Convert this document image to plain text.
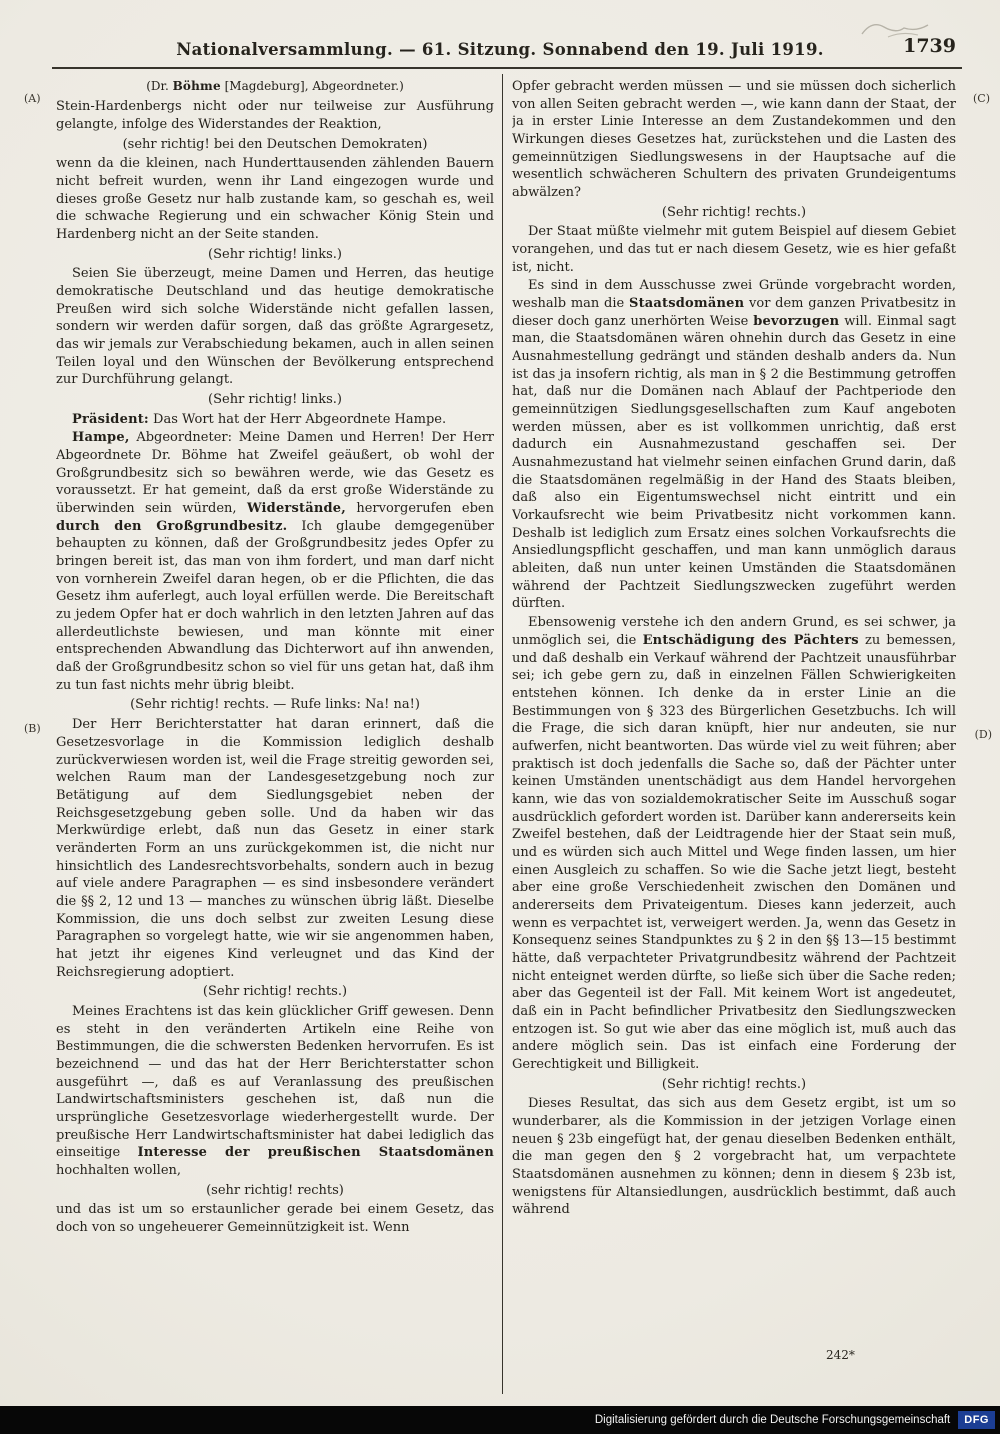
Nationalversammlung. — 61. Sitzung. Sonnabend den 19. Juli 1919.	1739
(A)
(B)
(C)
(D)

(Dr. Böhme [Magdeburg], Abgeordneter.)

Stein-Hardenbergs nicht oder nur teilweise zur Ausführung gelangte, infolge des Widerstandes der Reaktion,

(sehr richtig! bei den Deutschen Demokraten)

wenn da die kleinen, nach Hunderttausenden zählenden Bauern nicht befreit wurden, wenn ihr Land eingezogen wurde und dieses große Gesetz nur halb zustande kam, so geschah es, weil die schwache Regierung und ein schwacher König Stein und Hardenberg nicht an der Seite standen.

(Sehr richtig! links.)

Seien Sie überzeugt, meine Damen und Herren, das heutige demokratische Deutschland und das heutige demokratische Preußen wird sich solche Widerstände nicht gefallen lassen, sondern wir werden dafür sorgen, daß das größte Agrargesetz, das wir jemals zur Verabschiedung bekamen, auch in allen seinen Teilen loyal und den Wünschen der Bevölkerung entsprechend zur Durchführung gelangt.

(Sehr richtig! links.)

Präsident: Das Wort hat der Herr Abgeordnete Hampe.

Hampe, Abgeordneter: Meine Damen und Herren! Der Herr Abgeordnete Dr. Böhme hat Zweifel geäußert, ob wohl der Großgrundbesitz sich so bewähren werde, wie das Gesetz es voraussetzt. Er hat gemeint, daß da erst große Widerstände zu überwinden sein würden, Widerstände, hervorgerufen eben durch den Großgrundbesitz. Ich glaube demgegenüber behaupten zu können, daß der Großgrundbesitz jedes Opfer zu bringen bereit ist, das man von ihm fordert, und man darf nicht von vornherein Zweifel daran hegen, ob er die Pflichten, die das Gesetz ihm auferlegt, auch loyal erfüllen werde. Die Bereitschaft zu jedem Opfer hat er doch wahrlich in den letzten Jahren auf das allerdeutlichste bewiesen, und man könnte mit einer entsprechenden Abwandlung das Dichterwort auf ihn anwenden, daß der Großgrundbesitz schon so viel für uns getan hat, daß ihm zu tun fast nichts mehr übrig bleibt.

(Sehr richtig! rechts. — Rufe links: Na! na!)

Der Herr Berichterstatter hat daran erinnert, daß die Gesetzesvorlage in die Kommission lediglich deshalb zurückverwiesen worden ist, weil die Frage streitig geworden sei, welchen Raum man der Landesgesetzgebung noch zur Betätigung auf dem Siedlungsgebiet neben der Reichsgesetzgebung geben solle. Und da haben wir das Merkwürdige erlebt, daß nun das Gesetz in einer stark veränderten Form an uns zurückgekommen ist, die nicht nur hinsichtlich des Landesrechtsvorbehalts, sondern auch in bezug auf viele andere Paragraphen — es sind insbesondere verändert die §§ 2, 12 und 13 — manches zu wünschen übrig läßt. Dieselbe Kommission, die uns doch selbst zur zweiten Lesung diese Paragraphen so vorgelegt hatte, wie wir sie angenommen haben, hat jetzt ihr eigenes Kind verleugnet und das Kind der Reichsregierung adoptiert.

(Sehr richtig! rechts.)

Meines Erachtens ist das kein glücklicher Griff gewesen. Denn es steht in den veränderten Artikeln eine Reihe von Bestimmungen, die die schwersten Bedenken hervorrufen. Es ist bezeichnend — und das hat der Herr Berichterstatter schon ausgeführt —, daß es auf Veranlassung des preußischen Landwirtschaftsministers geschehen ist, daß nun die ursprüngliche Gesetzesvorlage wiederhergestellt wurde. Der preußische Herr Landwirtschaftsminister hat dabei lediglich das einseitige Interesse der preußischen Staatsdomänen hochhalten wollen,

(sehr richtig! rechts)

und das ist um so erstaunlicher gerade bei einem Gesetz, das doch von so ungeheuerer Gemeinnützigkeit ist. Wenn

Opfer gebracht werden müssen — und sie müssen doch sicherlich von allen Seiten gebracht werden —, wie kann dann der Staat, der ja in erster Linie Interesse an dem Zustandekommen und den Wirkungen dieses Gesetzes hat, zurückstehen und die Lasten des gemeinnützigen Siedlungswesens in der Hauptsache auf die wesentlich schwächeren Schultern des privaten Grundeigentums abwälzen?

(Sehr richtig! rechts.)

Der Staat müßte vielmehr mit gutem Beispiel auf diesem Gebiet vorangehen, und das tut er nach diesem Gesetz, wie es hier gefaßt ist, nicht.

Es sind in dem Ausschusse zwei Gründe vorgebracht worden, weshalb man die Staatsdomänen vor dem ganzen Privatbesitz in dieser doch ganz unerhörten Weise bevorzugen will. Einmal sagt man, die Staatsdomänen wären ohnehin durch das Gesetz in eine Ausnahmestellung gedrängt und ständen deshalb anders da. Nun ist das ja insofern richtig, als man in § 2 die Bestimmung getroffen hat, daß nur die Domänen nach Ablauf der Pachtperiode den gemeinnützigen Siedlungsgesellschaften zum Kauf angeboten werden müssen, aber es ist vollkommen unrichtig, daß erst dadurch ein Ausnahmezustand geschaffen sei. Der Ausnahmezustand hat vielmehr seinen einfachen Grund darin, daß die Staatsdomänen regelmäßig in der Hand des Staats bleiben, daß also ein Eigentumswechsel nicht eintritt und ein Vorkaufsrecht wie beim Privatbesitz nicht vorkommen kann. Deshalb ist lediglich zum Ersatz eines solchen Vorkaufsrechts die Ansiedlungspflicht geschaffen, und man kann unmöglich daraus ableiten, daß nun unter keinen Umständen die Staatsdomänen während der Pachtzeit Siedlungszwecken zugeführt werden dürften.

Ebensowenig verstehe ich den andern Grund, es sei schwer, ja unmöglich sei, die Entschädigung des Pächters zu bemessen, und daß deshalb ein Verkauf während der Pachtzeit unausführbar sei; ich gebe gern zu, daß in einzelnen Fällen Schwierigkeiten entstehen können. Ich denke da in erster Linie an die Bestimmungen von § 323 des Bürgerlichen Gesetzbuchs. Ich will die Frage, die sich daran knüpft, hier nur andeuten, sie nur aufwerfen, nicht beantworten. Das würde viel zu weit führen; aber praktisch ist doch jedenfalls die Sache so, daß der Pächter unter keinen Umständen unentschädigt aus dem Handel hervorgehen kann, wie das von sozialdemokratischer Seite im Ausschuß sogar ausdrücklich gefordert worden ist. Darüber kann andererseits kein Zweifel bestehen, daß der Leidtragende hier der Staat sein muß, und es würden sich auch Mittel und Wege finden lassen, um hier einen Ausgleich zu schaffen. So wie die Sache jetzt liegt, besteht aber eine große Verschiedenheit zwischen den Domänen und andererseits dem Privateigentum. Dieses kann jederzeit, auch wenn es verpachtet ist, verweigert werden. Ja, wenn das Gesetz in Konsequenz seines Standpunktes zu § 2 in den §§ 13—15 bestimmt hätte, daß verpachteter Privatgrundbesitz während der Pachtzeit nicht enteignet werden dürfte, so ließe sich über die Sache reden; aber das Gegenteil ist der Fall. Mit keinem Wort ist angedeutet, daß ein in Pacht befindlicher Privatbesitz den Siedlungszwecken entzogen ist. So gut wie aber das eine möglich ist, muß auch das andere möglich sein. Das ist einfach eine Forderung der Gerechtigkeit und Billigkeit.

(Sehr richtig! rechts.)

Dieses Resultat, das sich aus dem Gesetz ergibt, ist um so wunderbarer, als die Kommission in der jetzigen Vorlage einen neuen § 23b eingefügt hat, der genau dieselben Bedenken enthält, die man gegen den § 2 vorgebracht hat, um verpachtete Staatsdomänen ausnehmen zu können; denn in diesem § 23b ist, wenigstens für Altansiedlungen, ausdrücklich bestimmt, daß auch während

242*
Digitalisierung gefördert durch die Deutsche Forschungsgemeinschaft	DFG
